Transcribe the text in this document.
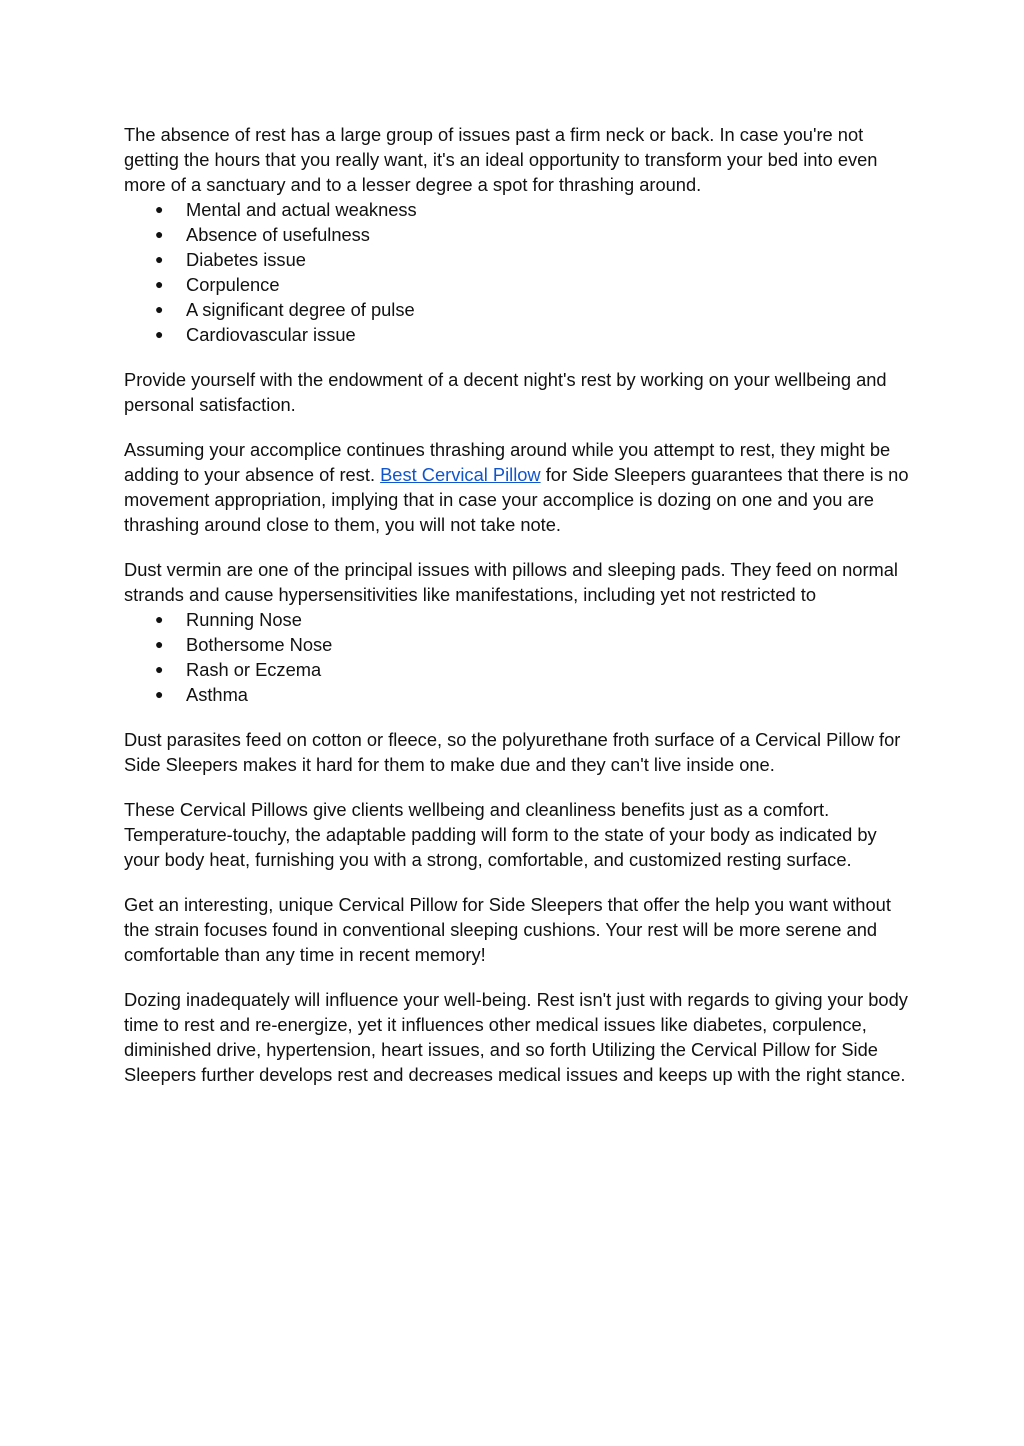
The absence of rest has a large group of issues past a firm neck or back. In case you're not getting the hours that you really want, it's an ideal opportunity to transform your bed into even more of a sanctuary and to a lesser degree a spot for thrashing around.

● Mental and actual weakness
● Absence of usefulness
● Diabetes issue
● Corpulence
● A significant degree of pulse
● Cardiovascular issue

Provide yourself with the endowment of a decent night's rest by working on your wellbeing and personal satisfaction.

Assuming your accomplice continues thrashing around while you attempt to rest, they might be adding to your absence of rest. Best Cervical Pillow for Side Sleepers guarantees that there is no movement appropriation, implying that in case your accomplice is dozing on one and you are thrashing around close to them, you will not take note.

Dust vermin are one of the principal issues with pillows and sleeping pads. They feed on normal strands and cause hypersensitivities like manifestations, including yet not restricted to

● Running Nose
● Bothersome Nose
● Rash or Eczema
● Asthma

Dust parasites feed on cotton or fleece, so the polyurethane froth surface of a Cervical Pillow for Side Sleepers makes it hard for them to make due and they can't live inside one.

These Cervical Pillows give clients wellbeing and cleanliness benefits just as a comfort. Temperature-touchy, the adaptable padding will form to the state of your body as indicated by your body heat, furnishing you with a strong, comfortable, and customized resting surface.

Get an interesting, unique Cervical Pillow for Side Sleepers that offer the help you want without the strain focuses found in conventional sleeping cushions. Your rest will be more serene and comfortable than any time in recent memory!

Dozing inadequately will influence your well-being. Rest isn't just with regards to giving your body time to rest and re-energize, yet it influences other medical issues like diabetes, corpulence, diminished drive, hypertension, heart issues, and so forth Utilizing the Cervical Pillow for Side Sleepers further develops rest and decreases medical issues and keeps up with the right stance.
